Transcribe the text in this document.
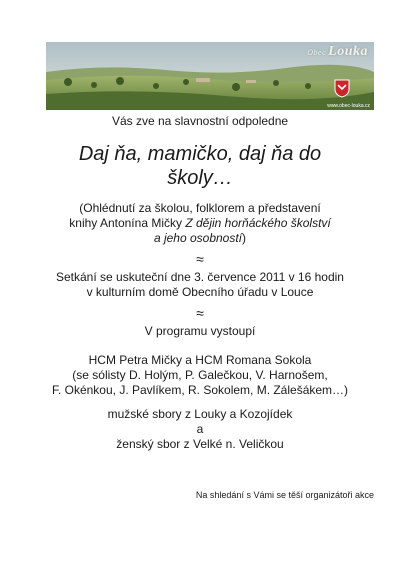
Obec Louka
www.obec-louka.cz

Vás zve na slavnostní odpoledne

Daj ňa, mamičko, daj ňa do školy…

(Ohlédnutí za školou, folklorem a představení knihy Antonína Mičky Z dějin horňáckého školství a jeho osobností)

≈

Setkání se uskuteční dne 3. července 2011 v 16 hodin

v kulturním domě Obecního úřadu v Louce

≈

V programu vystoupí

HCM Petra Mičky a HCM Romana Sokola

(se sólisty D. Holým, P. Galečkou, V. Harnošem,

F. Okénkou, J. Pavlíkem, R. Sokolem, M. Zálešákem…)

mužské sbory z Louky a Kozojídek

a

ženský sbor z Velké n. Veličkou

Na shledání s Vámi se těší organizátoři akce
